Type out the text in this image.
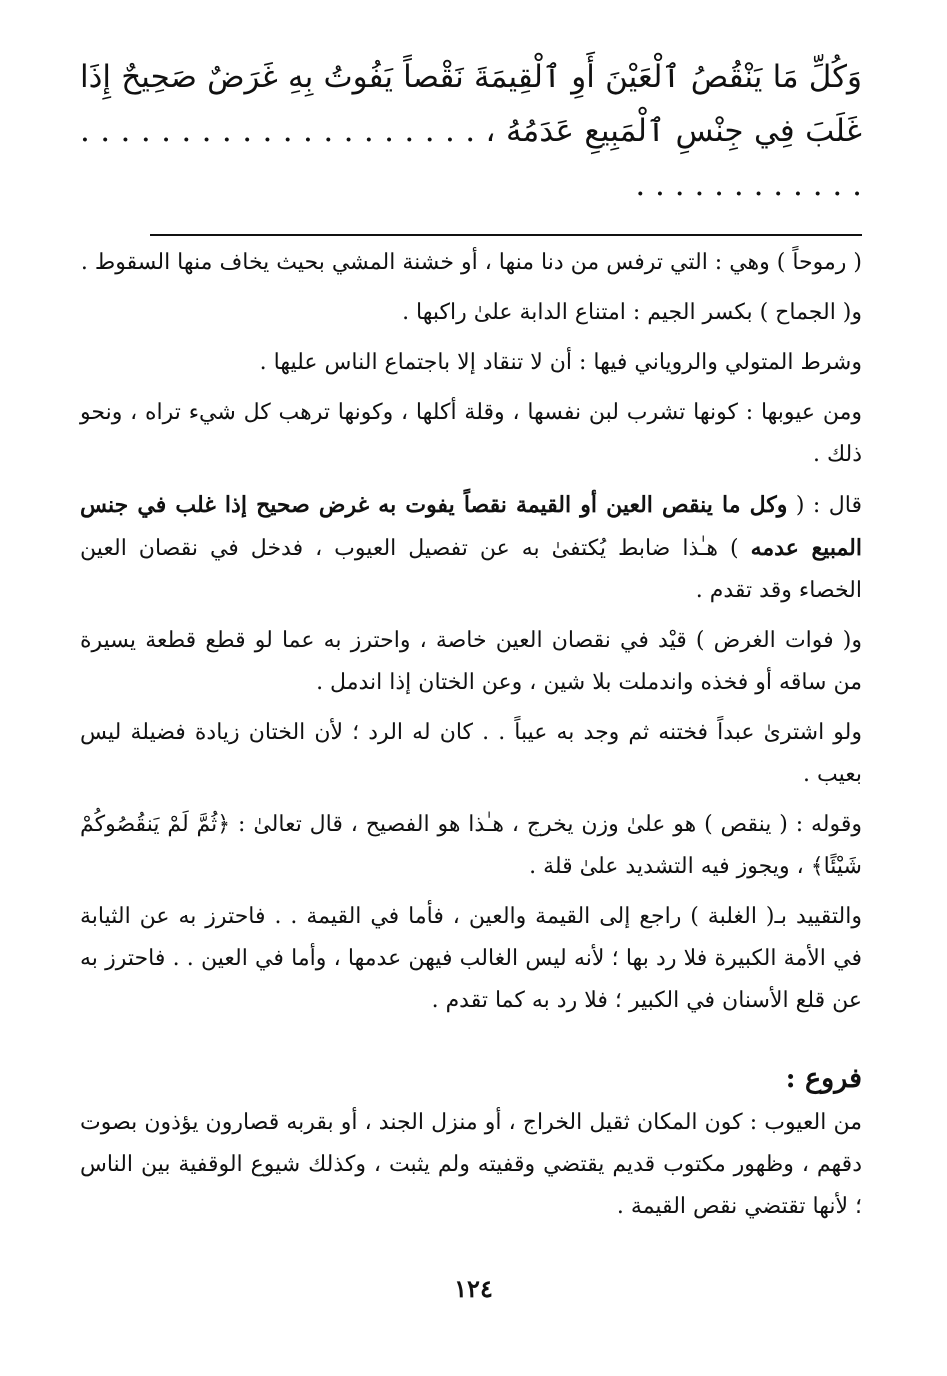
وَكُلِّ مَا يَنْقُصُ ٱلْعَيْنَ أَوِ ٱلْقِيمَةَ نَقْصاً يَفُوتُ بِهِ غَرَضٌ صَحِيحٌ إِذَا غَلَبَ فِي جِنْسِ ٱلْمَبِيعِ عَدَمُهُ ، . . . . . . . . . . . . . . . . . . . . . . . . . . . . . . . .

( رموحاً ) وهي : التي ترفس من دنا منها ، أو خشنة المشي بحيث يخاف منها السقوط .

و( الجماح ) بكسر الجيم : امتناع الدابة علىٰ راكبها .

وشرط المتولي والروياني فيها : أن لا تنقاد إلا باجتماع الناس عليها .

ومن عيوبها : كونها تشرب لبن نفسها ، وقلة أكلها ، وكونها ترهب كل شيء تراه ، ونحو ذلك .

قال : ( وكل ما ينقص العين أو القيمة نقصاً يفوت به غرض صحيح إذا غلب في جنس المبيع عدمه ) هـٰذا ضابط يُكتفىٰ به عن تفصيل العيوب ، فدخل في نقصان العين الخصاء وقد تقدم .

و( فوات الغرض ) قيْد في نقصان العين خاصة ، واحترز به عما لو قطع قطعة يسيرة من ساقه أو فخذه واندملت بلا شين ، وعن الختان إذا اندمل .

ولو اشترىٰ عبداً فختنه ثم وجد به عيباً . . كان له الرد ؛ لأن الختان زيادة فضيلة ليس بعيب .

وقوله : ( ينقص ) هو علىٰ وزن يخرج ، هـٰذا هو الفصيح ، قال تعالىٰ : ﴿ثُمَّ لَمْ يَنقُصُوكُمْ شَيْئًا﴾ ، ويجوز فيه التشديد علىٰ قلة .

والتقييد بـ( الغلبة ) راجع إلى القيمة والعين ، فأما في القيمة . . فاحترز به عن الثيابة في الأمة الكبيرة فلا رد بها ؛ لأنه ليس الغالب فيهن عدمها ، وأما في العين . . فاحترز به عن قلع الأسنان في الكبير ؛ فلا رد به كما تقدم .

فروع :

من العيوب : كون المكان ثقيل الخراج ، أو منزل الجند ، أو بقربه قصارون يؤذون بصوت دقهم ، وظهور مكتوب قديم يقتضي وقفيته ولم يثبت ، وكذلك شيوع الوقفية بين الناس ؛ لأنها تقتضي نقص القيمة .

١٢٤
